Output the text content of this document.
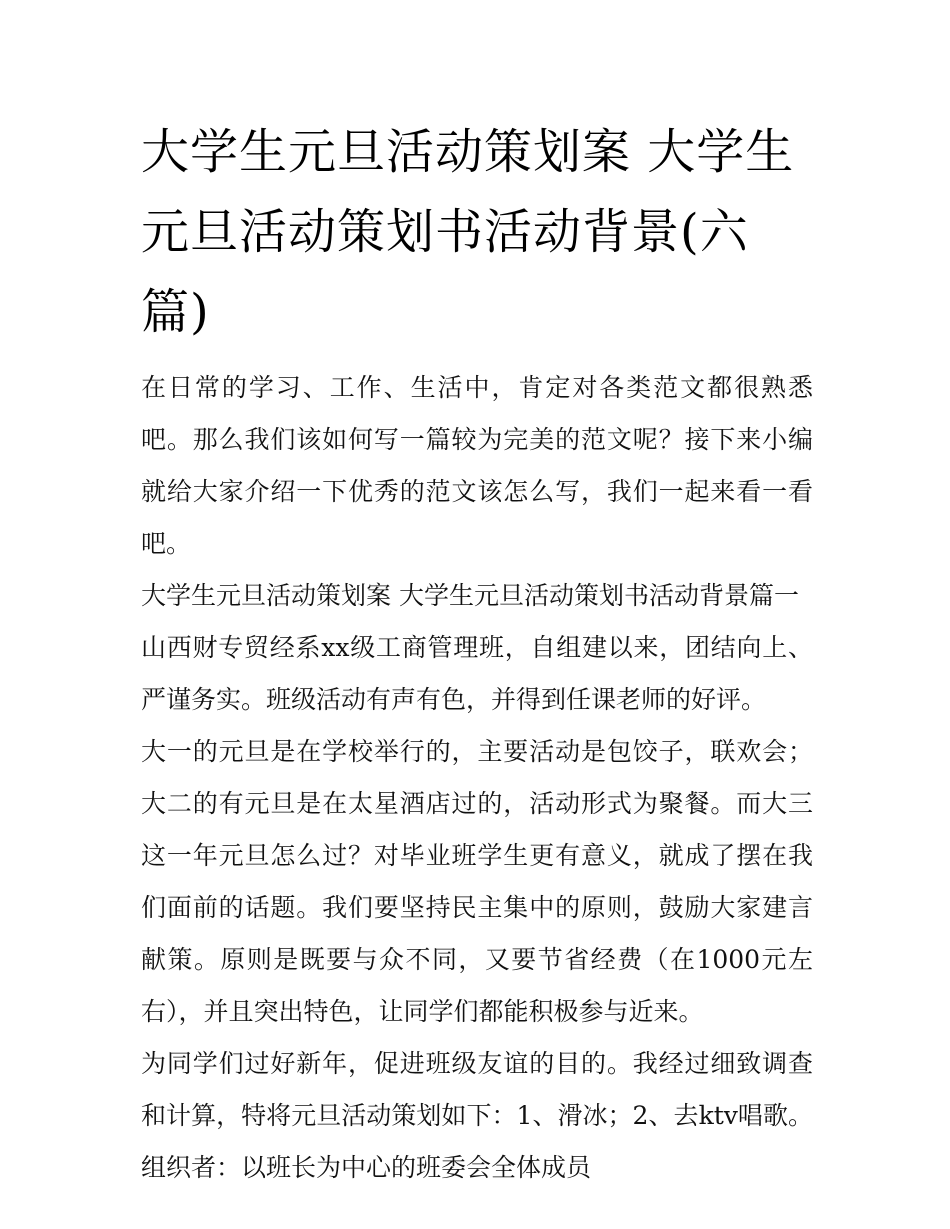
大学生元旦活动策划案 大学生元旦活动策划书活动背景(六篇)

在日常的学习、工作、生活中，肯定对各类范文都很熟悉吧。那么我们该如何写一篇较为完美的范文呢？接下来小编就给大家介绍一下优秀的范文该怎么写，我们一起来看一看吧。

大学生元旦活动策划案 大学生元旦活动策划书活动背景篇一

山西财专贸经系xx级工商管理班，自组建以来，团结向上、严谨务实。班级活动有声有色，并得到任课老师的好评。

大一的元旦是在学校举行的，主要活动是包饺子，联欢会；大二的有元旦是在太星酒店过的，活动形式为聚餐。而大三这一年元旦怎么过？对毕业班学生更有意义，就成了摆在我们面前的话题。我们要坚持民主集中的原则，鼓励大家建言献策。原则是既要与众不同，又要节省经费（在1000元左右），并且突出特色，让同学们都能积极参与近来。

为同学们过好新年，促进班级友谊的目的。我经过细致调查和计算，特将元旦活动策划如下：1、滑冰；2、去ktv唱歌。 组织者：以班长为中心的班委会全体成员
